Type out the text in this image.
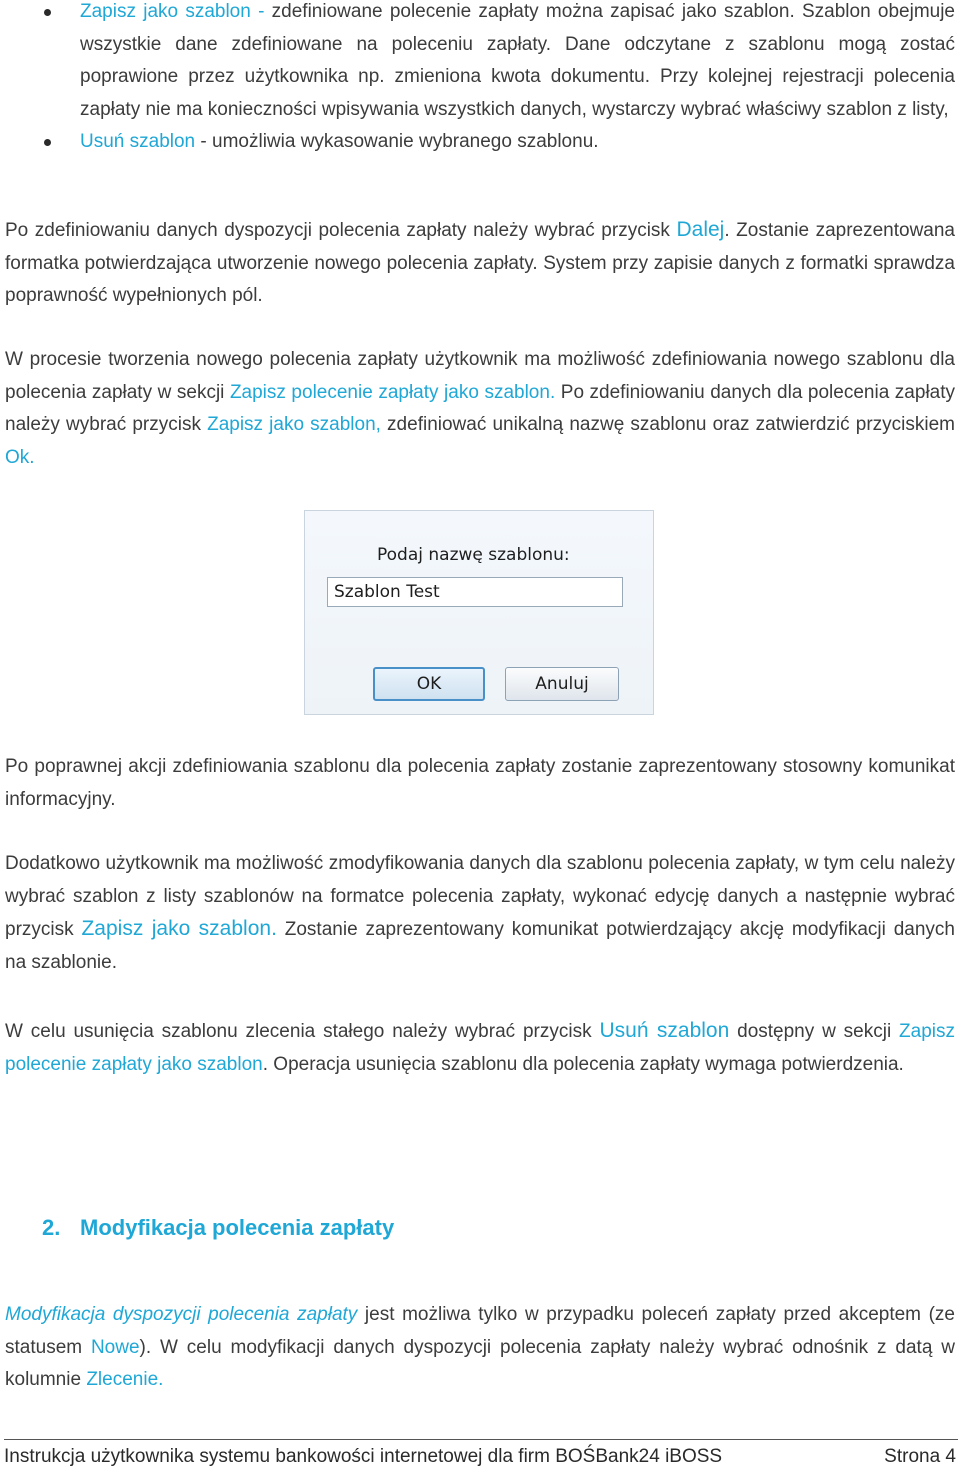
Zapisz jako szablon - zdefiniowane polecenie zapłaty można zapisać jako szablon. Szablon obejmuje wszystkie dane zdefiniowane na poleceniu zapłaty. Dane odczytane z szablonu mogą zostać poprawione przez użytkownika np. zmieniona kwota dokumentu. Przy kolejnej rejestracji polecenia zapłaty nie ma konieczności wpisywania wszystkich danych, wystarczy wybrać właściwy szablon z listy,
Usuń szablon - umożliwia wykasowanie wybranego szablonu.

Po zdefiniowaniu danych dyspozycji polecenia zapłaty należy wybrać przycisk Dalej. Zostanie zaprezentowana formatka potwierdzająca utworzenie nowego polecenia zapłaty. System przy zapisie danych z formatki sprawdza poprawność wypełnionych pól.

W procesie tworzenia nowego polecenia zapłaty użytkownik ma możliwość zdefiniowania nowego szablonu dla polecenia zapłaty w sekcji Zapisz polecenie zapłaty jako szablon. Po zdefiniowaniu danych dla polecenia zapłaty należy wybrać przycisk Zapisz jako szablon, zdefiniować unikalną nazwę szablonu oraz zatwierdzić przyciskiem Ok.

Podaj nazwę szablonu:
Szablon Test
OK	Anuluj

Po poprawnej akcji zdefiniowania szablonu dla polecenia zapłaty zostanie zaprezentowany stosowny komunikat informacyjny.

Dodatkowo użytkownik ma możliwość zmodyfikowania danych dla szablonu polecenia zapłaty, w tym celu należy wybrać szablon z listy szablonów na formatce polecenia zapłaty, wykonać edycję danych a następnie wybrać przycisk Zapisz jako szablon. Zostanie zaprezentowany komunikat potwierdzający akcję modyfikacji danych na szablonie.

W celu usunięcia szablonu zlecenia stałego należy wybrać przycisk Usuń szablon dostępny w sekcji Zapisz polecenie zapłaty jako szablon. Operacja usunięcia szablonu dla polecenia zapłaty wymaga potwierdzenia.

2. Modyfikacja polecenia zapłaty

Modyfikacja dyspozycji polecenia zapłaty jest możliwa tylko w przypadku poleceń zapłaty przed akceptem (ze statusem Nowe). W celu modyfikacji danych dyspozycji polecenia zapłaty należy wybrać odnośnik z datą w kolumnie Zlecenie.

Instrukcja użytkownika systemu bankowości internetowej dla firm BOŚBank24 iBOSS	Strona 4
